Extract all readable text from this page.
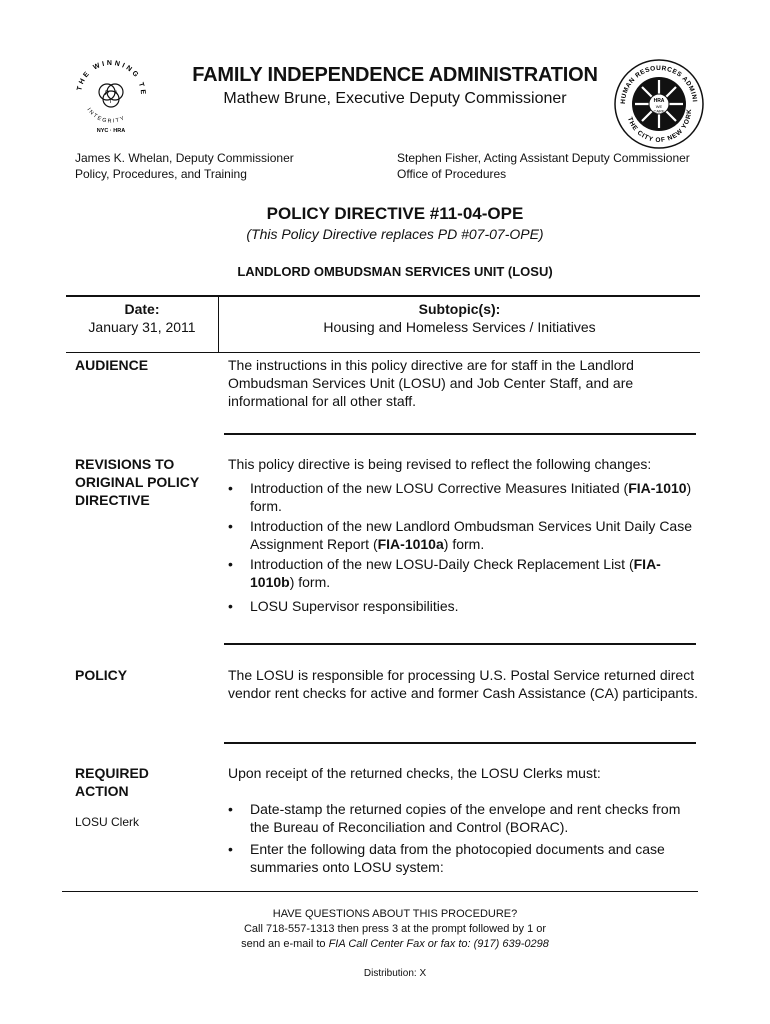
THE WINNING TE
INTEGRITY
P A
I
NYC · HRA
HRA
WE
CARE
HUMAN RESOURCES ADMINI
THE CITY OF NEW YORK
FAMILY INDEPENDENCE ADMINISTRATION
Mathew Brune, Executive Deputy Commissioner
James K. Whelan, Deputy Commissioner
Policy, Procedures, and Training
Stephen Fisher, Acting Assistant Deputy Commissioner
Office of Procedures
POLICY DIRECTIVE #11-04-OPE
(This Policy Directive replaces PD #07-07-OPE)
LANDLORD OMBUDSMAN SERVICES UNIT (LOSU)
Date:
January 31, 2011
Subtopic(s):
Housing and Homeless Services / Initiatives
AUDIENCE	The instructions in this policy directive are for staff in the Landlord Ombudsman Services Unit (LOSU) and Job Center Staff, and are informational for all other staff.
REVISIONS TO ORIGINAL POLICY DIRECTIVE
This policy directive is being revised to reflect the following changes:
• Introduction of the new LOSU Corrective Measures Initiated (FIA-1010) form.
• Introduction of the new Landlord Ombudsman Services Unit Daily Case Assignment Report (FIA-1010a) form.
• Introduction of the new LOSU-Daily Check Replacement List (FIA-1010b) form.
• LOSU Supervisor responsibilities.
POLICY	The LOSU is responsible for processing U.S. Postal Service returned direct vendor rent checks for active and former Cash Assistance (CA) participants.
REQUIRED ACTION
LOSU Clerk
Upon receipt of the returned checks, the LOSU Clerks must:
• Date-stamp the returned copies of the envelope and rent checks from the Bureau of Reconciliation and Control (BORAC).
• Enter the following data from the photocopied documents and case summaries onto LOSU system:
HAVE QUESTIONS ABOUT THIS PROCEDURE?
Call 718-557-1313 then press 3 at the prompt followed by 1 or
send an e-mail to FIA Call Center Fax or fax to: (917) 639-0298
Distribution: X
